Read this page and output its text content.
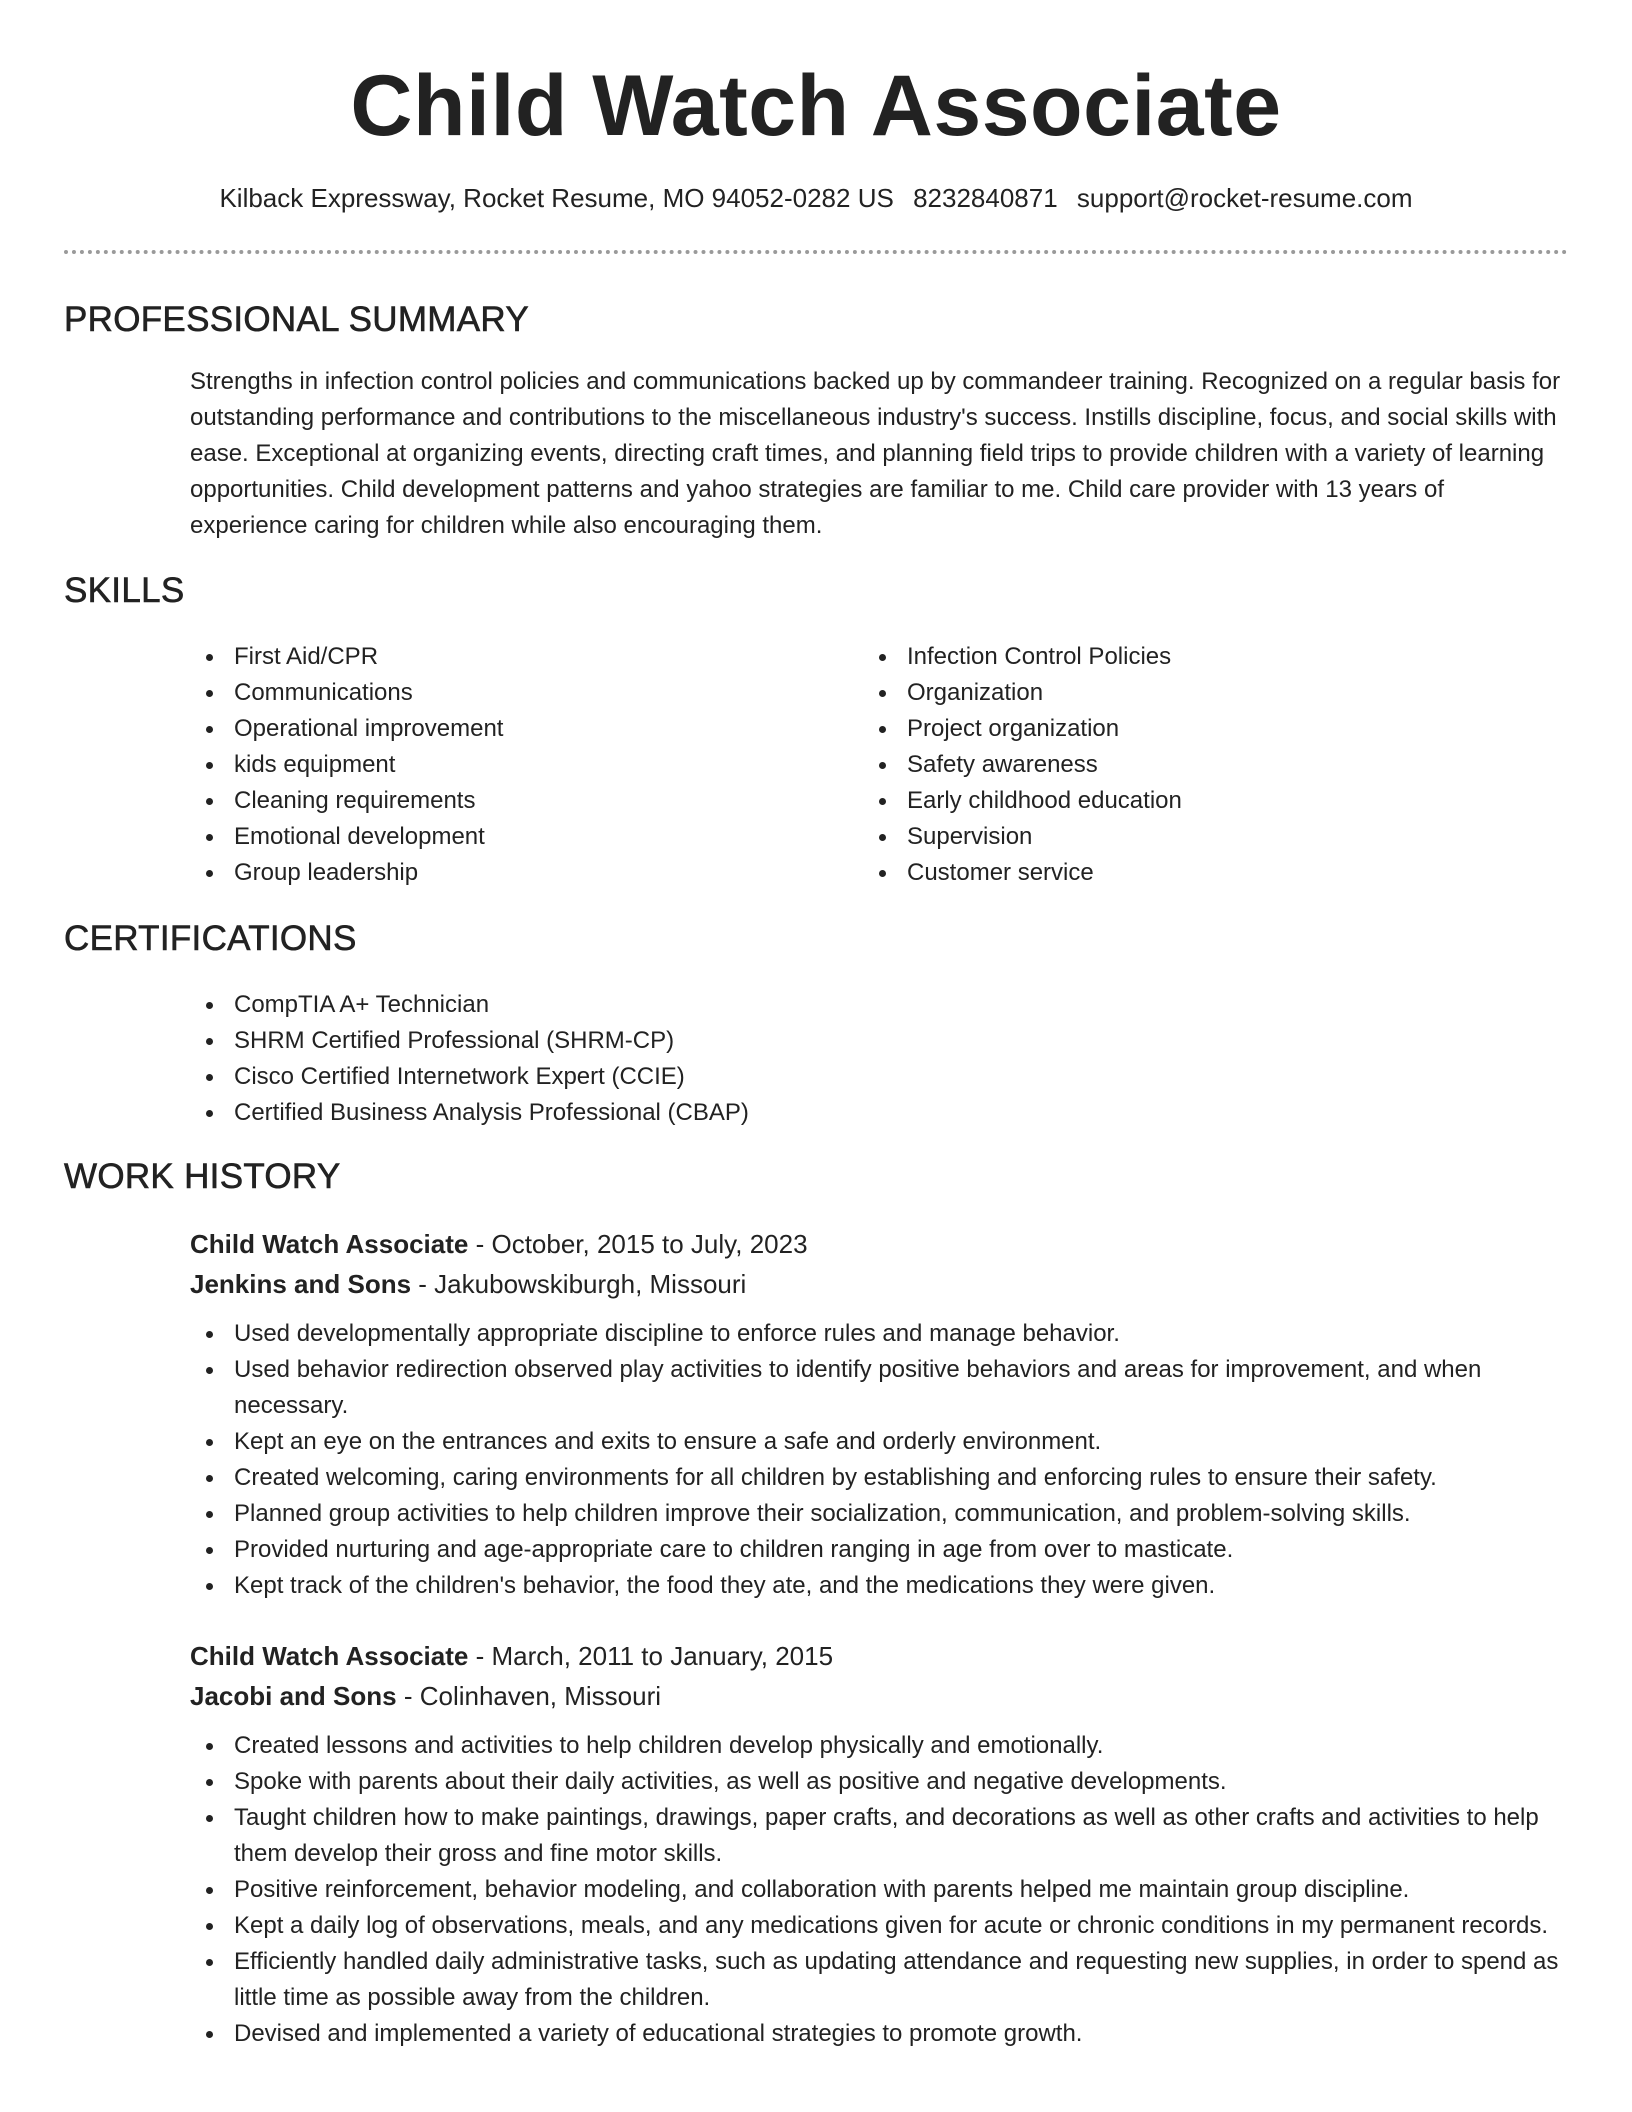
Child Watch Associate
Kilback Expressway, Rocket Resume, MO 94052-0282 US 8232840871 support@rocket-resume.com
PROFESSIONAL SUMMARY
Strengths in infection control policies and communications backed up by commandeer training. Recognized on a regular basis for outstanding performance and contributions to the miscellaneous industry's success. Instills discipline, focus, and social skills with ease. Exceptional at organizing events, directing craft times, and planning field trips to provide children with a variety of learning opportunities. Child development patterns and yahoo strategies are familiar to me. Child care provider with 13 years of experience caring for children while also encouraging them.
SKILLS
First Aid/CPR
Communications
Operational improvement
kids equipment
Cleaning requirements
Emotional development
Group leadership
Infection Control Policies
Organization
Project organization
Safety awareness
Early childhood education
Supervision
Customer service
CERTIFICATIONS
CompTIA A+ Technician
SHRM Certified Professional (SHRM-CP)
Cisco Certified Internetwork Expert (CCIE)
Certified Business Analysis Professional (CBAP)
WORK HISTORY
Child Watch Associate - October, 2015 to July, 2023
Jenkins and Sons - Jakubowskiburgh, Missouri
Used developmentally appropriate discipline to enforce rules and manage behavior.
Used behavior redirection observed play activities to identify positive behaviors and areas for improvement, and when necessary.
Kept an eye on the entrances and exits to ensure a safe and orderly environment.
Created welcoming, caring environments for all children by establishing and enforcing rules to ensure their safety.
Planned group activities to help children improve their socialization, communication, and problem-solving skills.
Provided nurturing and age-appropriate care to children ranging in age from over to masticate.
Kept track of the children's behavior, the food they ate, and the medications they were given.
Child Watch Associate - March, 2011 to January, 2015
Jacobi and Sons - Colinhaven, Missouri
Created lessons and activities to help children develop physically and emotionally.
Spoke with parents about their daily activities, as well as positive and negative developments.
Taught children how to make paintings, drawings, paper crafts, and decorations as well as other crafts and activities to help them develop their gross and fine motor skills.
Positive reinforcement, behavior modeling, and collaboration with parents helped me maintain group discipline.
Kept a daily log of observations, meals, and any medications given for acute or chronic conditions in my permanent records.
Efficiently handled daily administrative tasks, such as updating attendance and requesting new supplies, in order to spend as little time as possible away from the children.
Devised and implemented a variety of educational strategies to promote growth.
